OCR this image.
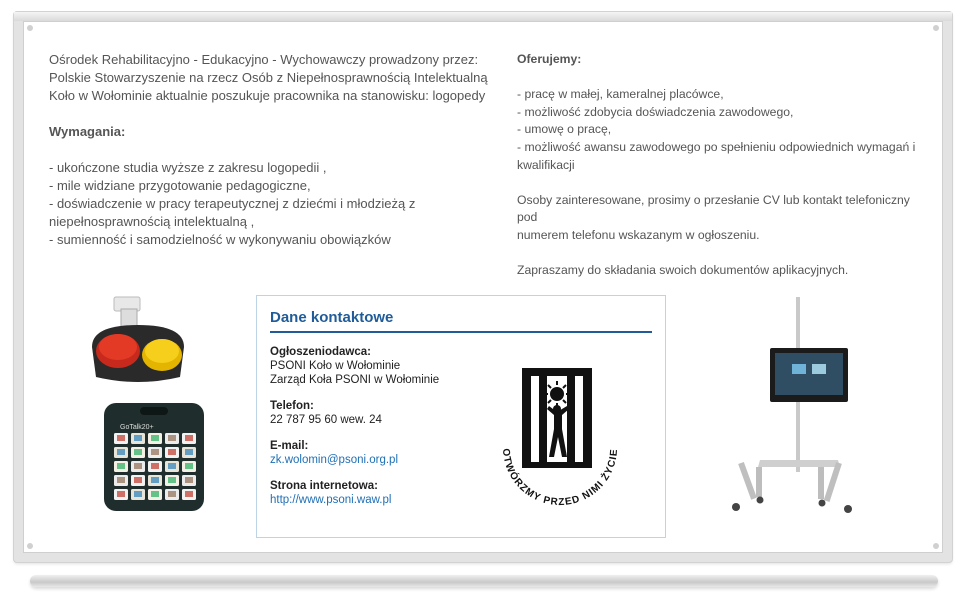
Ośrodek Rehabilitacyjno - Edukacyjno - Wychowawczy prowadzony przez:

Polskie Stowarzyszenie na rzecz Osób z Niepełnosprawnością Intelektualną

Koło w Wołominie aktualnie poszukuje pracownika na stanowisku: logopedy

Wymagania:

- ukończone studia wyższe z zakresu logopedii ,

- mile widziane przygotowanie pedagogiczne,

- doświadczenie w pracy terapeutycznej z dziećmi i młodzieżą z

niepełnosprawnością intelektualną ,

- sumienność i samodzielność w wykonywaniu obowiązków

Oferujemy:

- pracę w małej, kameralnej placówce,

- możliwość zdobycia doświadczenia zawodowego,

- umowę o pracę,

- możliwość awansu zawodowego po spełnieniu odpowiednich wymagań i

kwalifikacji

Osoby zainteresowane, prosimy o przesłanie CV lub kontakt telefoniczny pod

numerem telefonu wskazanym w ogłoszeniu.

Zapraszamy do składania swoich dokumentów aplikacyjnych.

Dane kontaktowe
Ogłoszeniodawca:
PSONI Koło w Wołominie
Zarząd Koła PSONI w Wołominie
Telefon:
22 787 95 60 wew. 24
E-mail:
zk.wolomin@psoni.org.pl
Strona internetowa:
http://www.psoni.waw.pl
OTWÓRZMY PRZED NIMI ŻYCIE
GoTalk20+
